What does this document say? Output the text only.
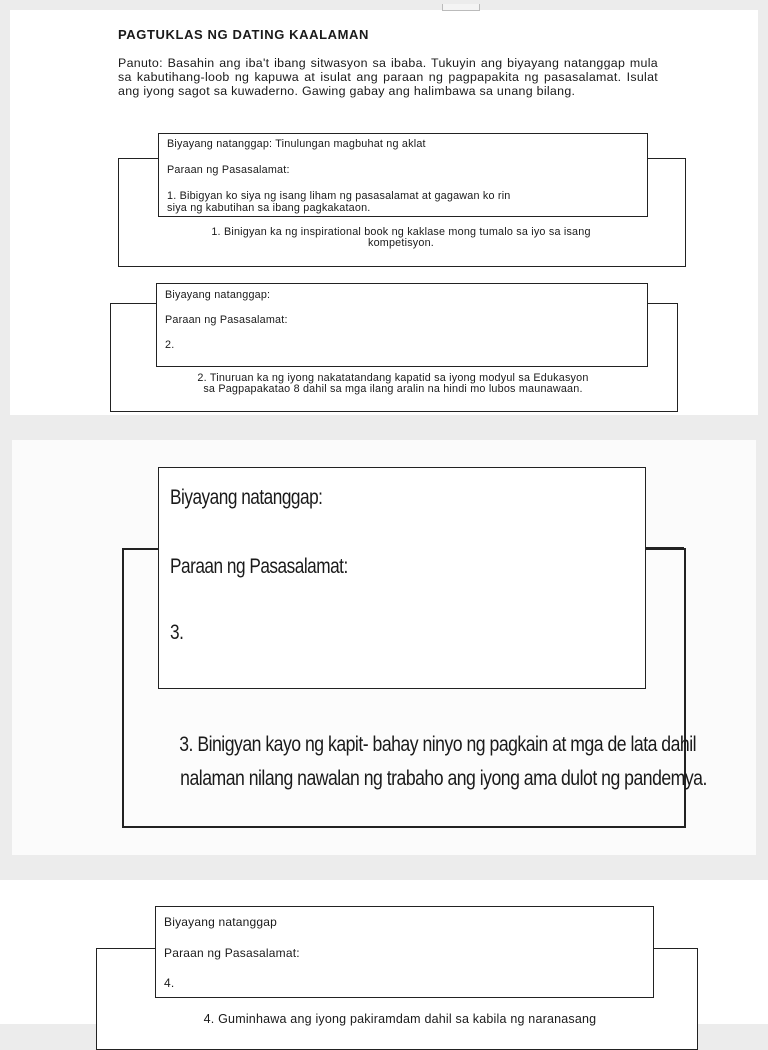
PAGTUKLAS NG DATING KAALAMAN
Panuto: Basahin ang iba't ibang sitwasyon sa ibaba. Tukuyin ang biyayang natanggap mula sa kabutihang-loob ng kapuwa at isulat ang paraan ng pagpapakita ng pasasalamat. Isulat ang iyong sagot sa kuwaderno. Gawing gabay ang halimbawa sa unang bilang.
Biyayang natanggap: Tinulungan magbuhat ng aklat
Paraan ng Pasasalamat:
1. Bibigyan ko siya ng isang liham ng pasasalamat at gagawan ko rin
siya ng kabutihan sa ibang pagkakataon.
1. Binigyan ka ng inspirational book ng kaklase mong tumalo sa iyo sa isang
kompetisyon.
Biyayang natanggap:
Paraan ng Pasasalamat:
2.
2. Tinuruan ka ng iyong nakatatandang kapatid sa iyong modyul sa Edukasyon
sa Pagpapakatao 8 dahil sa mga ilang aralin na hindi mo lubos maunawaan.
Biyayang natanggap:
Paraan ng Pasasalamat:
3.
3. Binigyan kayo ng kapit- bahay ninyo ng pagkain at mga de lata dahil
nalaman nilang nawalan ng trabaho ang iyong ama dulot ng pandemya.
Biyayang natanggap
Paraan ng Pasasalamat:
4.
4. Guminhawa ang iyong pakiramdam dahil sa kabila ng naranasang
